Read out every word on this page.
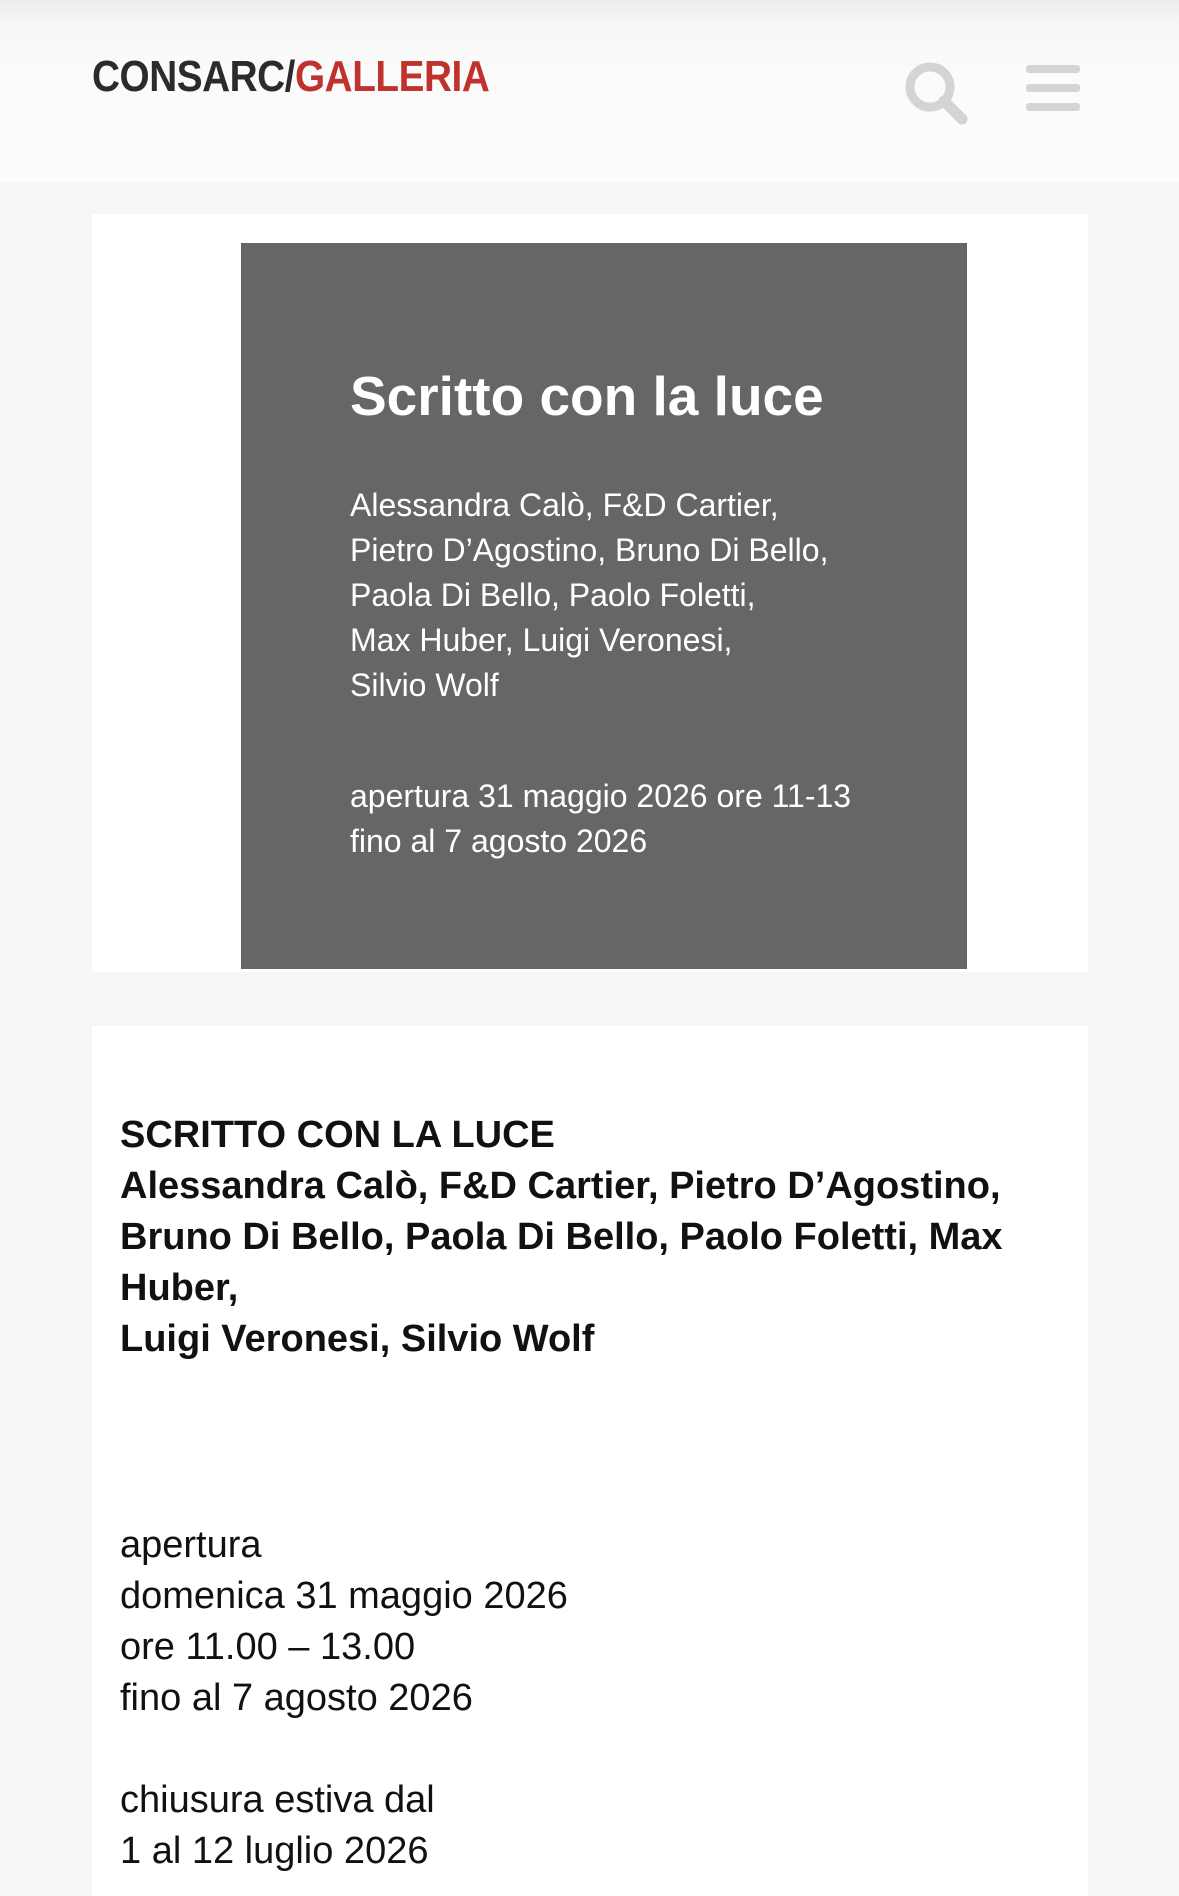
CONSARC/GALLERIA
Scritto con la luce
Alessandra Calò, F&D Cartier,
Pietro D’Agostino, Bruno Di Bello,
Paola Di Bello, Paolo Foletti,
Max Huber, Luigi Veronesi,
Silvio Wolf
apertura 31 maggio 2026 ore 11-13
fino al 7 agosto 2026
SCRITTO CON LA LUCE
Alessandra Calò, F&D Cartier, Pietro D’Agostino,
Bruno Di Bello, Paola Di Bello, Paolo Foletti, Max
Huber,
Luigi Veronesi, Silvio Wolf
apertura
domenica 31 maggio 2026
ore 11.00 – 13.00
fino al 7 agosto 2026
chiusura estiva dal
1 al 12 luglio 2026
